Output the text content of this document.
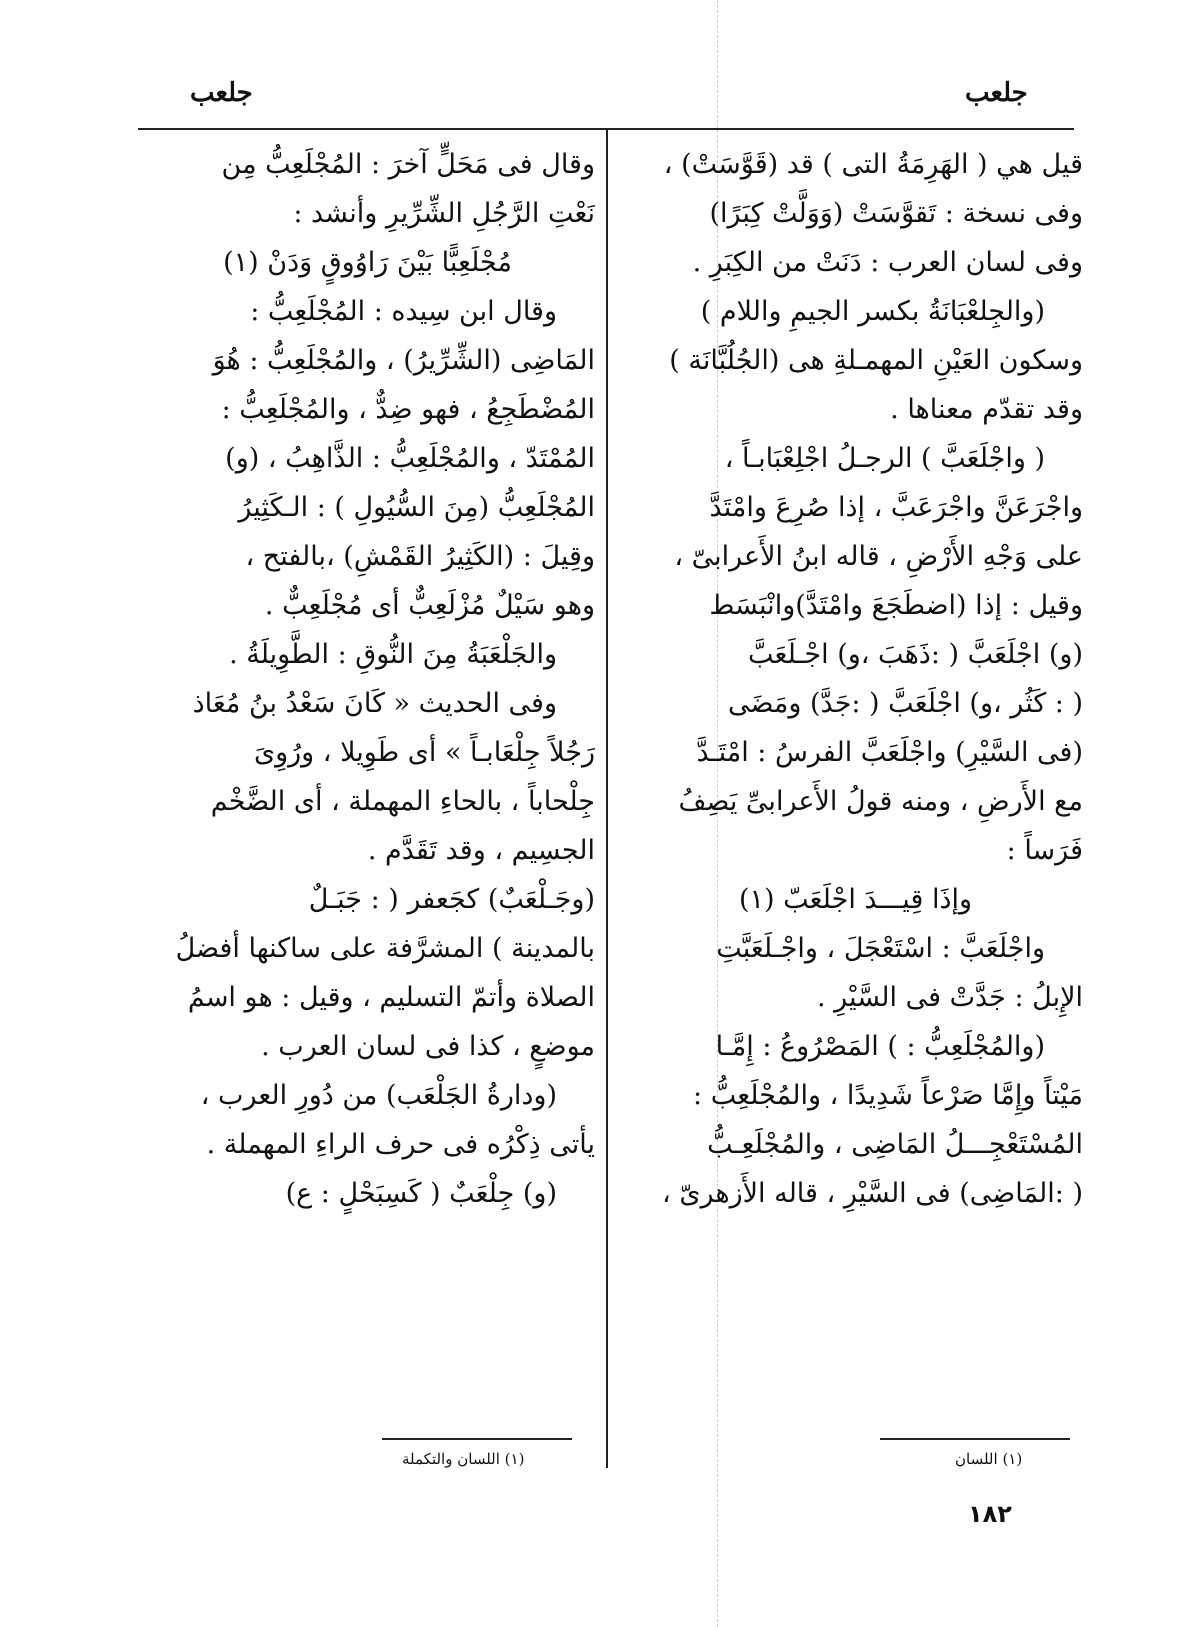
جلعب
جلعب
قيل هي ( الهَرِمَةُ التى ) قد (قَوَّسَتْ) ،
وفى نسخة : تَقوَّسَتْ (وَوَلَّتْ كِبَرًا)
وفى لسان العرب : دَنَتْ من الكِبَرِ .
(والجِلعْبَانَةُ بكسر الجيمِ واللام )
وسكون العَيْنِ المهمـلةِ هى (الجُلُبَّانَة )
وقد تقدّم معناها .
( واجْلَعَبَّ ) الرجـلُ اجْلِعْبَابـاً ،
واجْرَعَنَّ واجْرَعَبَّ ، إذا صُرِعَ وامْتَدَّ
على وَجْهِ الأَرْضِ ، قاله ابنُ الأَعرابىّ ،
وقيل : إذا (اضطَجَعَ وامْتَدَّ)وانْبَسَط
(و) اجْلَعَبَّ ( :ذَهَبَ ،و) اجْـلَعَبَّ
( : كَثُر ،و) اجْلَعَبَّ ( :جَدَّ) ومَضَى
(فى السَّيْرِ) واجْلَعَبَّ الفرسُ : امْتَـدَّ
مع الأَرضِ ، ومنه قولُ الأَعرابىِّ يَصِفُ
فَرَساً :
وإذَا قِيـــدَ اجْلَعَبّ (١)
واجْلَعَبَّ : اسْتَعْجَلَ ، واجْـلَعَبَّتِ
الإِبلُ : جَدَّتْ فى السَّيْرِ .
(والمُجْلَعِبُّ : ) المَصْرُوعُ : إِمَّـا
مَيْتاً وإِمَّا صَرْعاً شَدِيدًا ، والمُجْلَعِبُّ :
المُسْتَعْجِـــلُ المَاضِى ، والمُجْلَعِـبُّ
( :المَاضِى) فى السَّيْرِ ، قاله الأَزهرىّ ،
وقال فى مَحَلٍّ آخرَ : المُجْلَعِبُّ مِن
نَعْتِ الرَّجُلِ الشِّرِّيرِ وأنشد :
مُجْلَعِبًّا بَيْنَ رَاوُوقٍ وَدَنْ (١)
وقال ابن سِيده : المُجْلَعِبُّ :
المَاضِى (الشِّرِّيرُ) ، والمُجْلَعِبُّ : هُوَ
المُضْطَجِعُ ، فهو ضِدٌّ ، والمُجْلَعِبُّ :
المُمْتَدّ ، والمُجْلَعِبُّ : الذَّاهِبُ ، (و)
المُجْلَعِبُّ (مِنَ السُّيُولِ ) : الـكَثِيرُ
وقِيلَ : (الكَثِيرُ القَمْشِ) ،بالفتح ،
وهو سَيْلٌ مُزْلَعِبٌّ أى مُجْلَعِبٌّ .
والجَلْعَبَةُ مِنَ النُّوقِ : الطَّوِيلَةُ .
وفى الحديث « كَانَ سَعْدُ بنُ مُعَاذ
رَجُلاً جِلْعَابـاً » أى طَوِيلا ، ورُوِىَ
جِلْحاباً ، بالحاءِ المهملة ، أى الضَّخْم
الجسِيم ، وقد تَقَدَّم .
(وجَـلْعَبٌ) كجَعفر ( : جَبَـلٌ
بالمدينة ) المشرَّفة على ساكنها أفضلُ
الصلاة وأتمّ التسليم ، وقيل : هو اسمُ
موضعٍ ، كذا فى لسان العرب .
(ودارةُ الجَلْعَب) من دُورِ العرب ،
يأتى ذِكْرُه فى حرف الراءِ المهملة .
(و) جِلْعَبٌ ( كَسِبَحْلٍ : ع)
(١) اللسان
(١) اللسان والتكملة
١٨٢
